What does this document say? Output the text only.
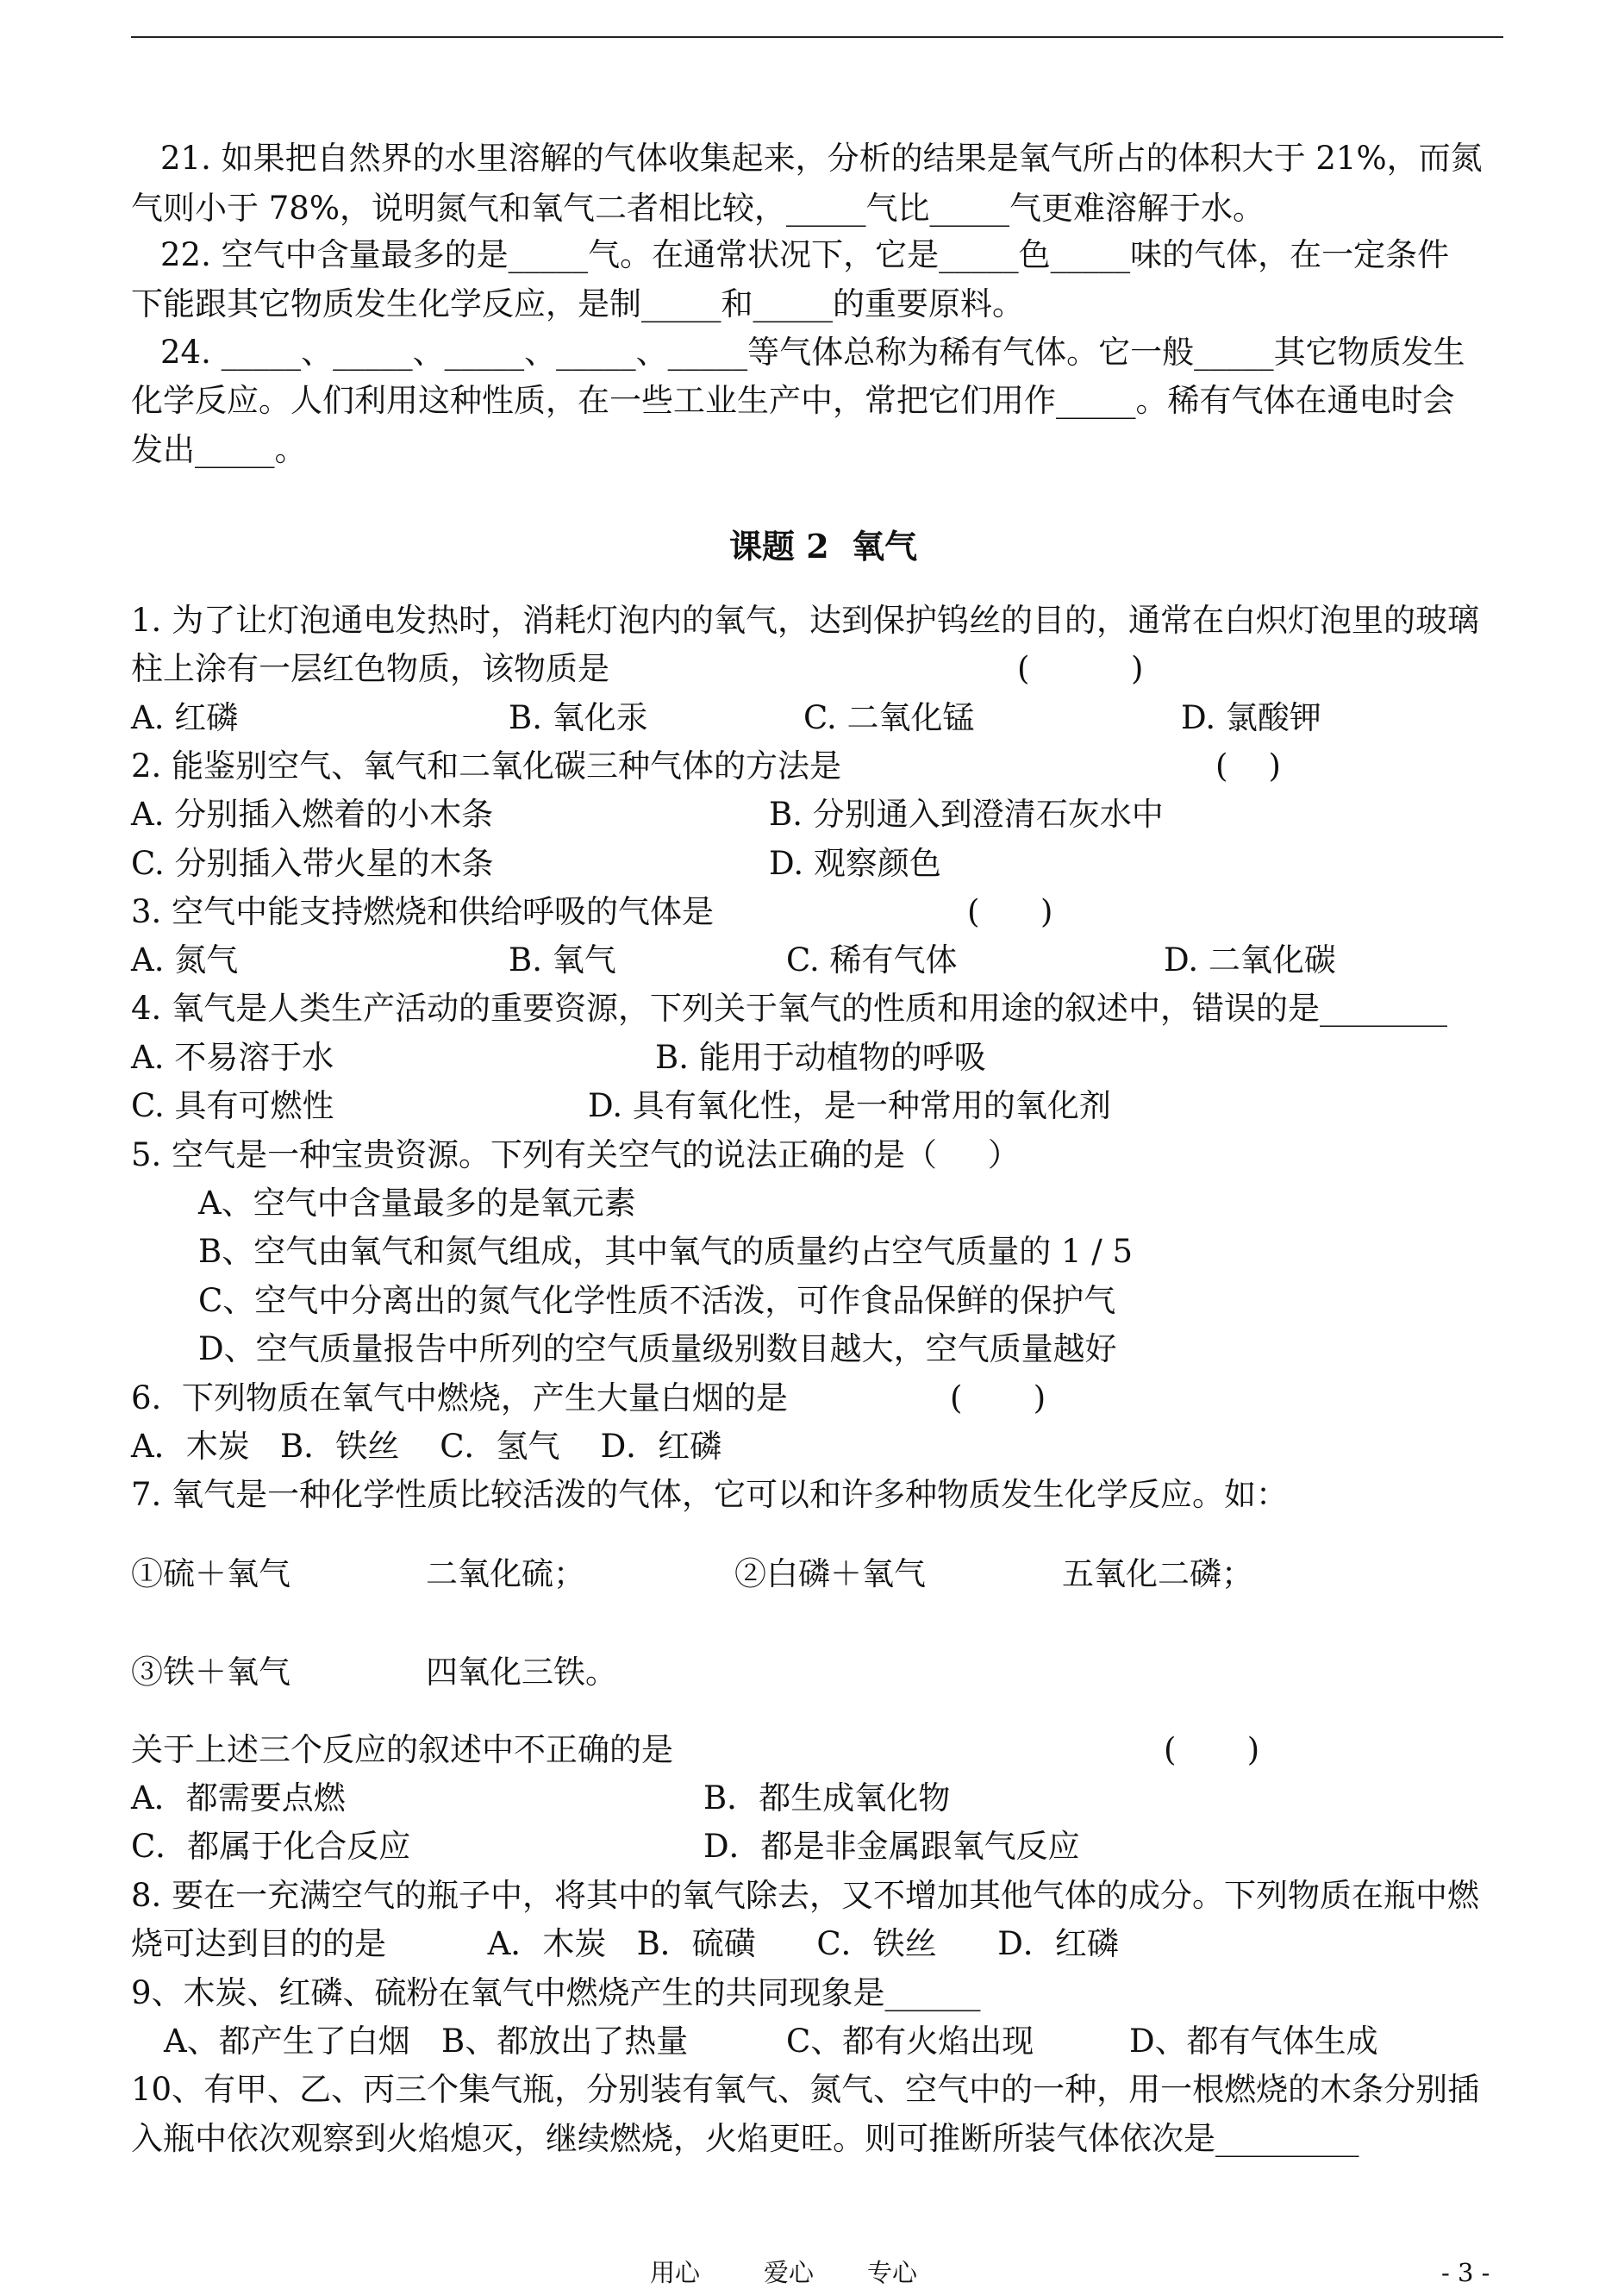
21. 如果把自然界的水里溶解的气体收集起来，分析的结果是氧气所占的体积大于 21%，而氮
气则小于 78%，说明氮气和氧气二者相比较，_____气比_____气更难溶解于水。
22. 空气中含量最多的是_____气。在通常状况下，它是_____色_____味的气体，在一定条件
下能跟其它物质发生化学反应，是制_____和_____的重要原料。
24. _____、_____、_____、_____、_____等气体总称为稀有气体。它一般_____其它物质发生
化学反应。人们利用这种性质，在一些工业生产中，常把它们用作_____。稀有气体在通电时会
发出_____。
课题 2  氧气
1. 为了让灯泡通电发热时，消耗灯泡内的氧气，达到保护钨丝的目的，通常在白炽灯泡里的玻璃
柱上涂有一层红色物质，该物质是	(          )
A. 红磷	B. 氧化汞	C. 二氧化锰	D. 氯酸钾
2. 能鉴别空气、氧气和二氧化碳三种气体的方法是	(    )
A. 分别插入燃着的小木条	B. 分别通入到澄清石灰水中
C. 分别插入带火星的木条	D. 观察颜色
3. 空气中能支持燃烧和供给呼吸的气体是	(      )
A. 氮气	B. 氧气	C. 稀有气体	D. 二氧化碳
4. 氧气是人类生产活动的重要资源，下列关于氧气的性质和用途的叙述中，错误的是________
A. 不易溶于水	B. 能用于动植物的呼吸
C. 具有可燃性	D. 具有氧化性，是一种常用的氧化剂
5. 空气是一种宝贵资源。下列有关空气的说法正确的是（     ）
A、空气中含量最多的是氧元素
B、空气由氧气和氮气组成，其中氧气的质量约占空气质量的 1 / 5
C、空气中分离出的氮气化学性质不活泼，可作食品保鲜的保护气
D、空气质量报告中所列的空气质量级别数目越大，空气质量越好
6.  下列物质在氧气中燃烧，产生大量白烟的是	(       )
A．木炭   B．铁丝    C．氢气    D．红磷
7. 氧气是一种化学性质比较活泼的气体，它可以和许多种物质发生化学反应。如：
①硫＋氧气	二氧化硫；	②白磷＋氧气	五氧化二磷；
③铁＋氧气	四氧化三铁。
关于上述三个反应的叙述中不正确的是	(       )
A．都需要点燃	B．都生成氧化物
C．都属于化合反应	D．都是非金属跟氧气反应
8. 要在一充满空气的瓶子中，将其中的氧气除去，又不增加其他气体的成分。下列物质在瓶中燃
烧可达到目的的是          A．木炭   B．硫磺      C．铁丝      D．红磷
9、木炭、红磷、硫粉在氧气中燃烧产生的共同现象是______
A、都产生了白烟 B、都放出了热量	C、都有火焰出现	D、都有气体生成
10、有甲、乙、丙三个集气瓶，分别装有氧气、氮气、空气中的一种，用一根燃烧的木条分别插
入瓶中依次观察到火焰熄灭，继续燃烧，火焰更旺。则可推断所装气体依次是_________
用心	爱心 专心	- 3 -
